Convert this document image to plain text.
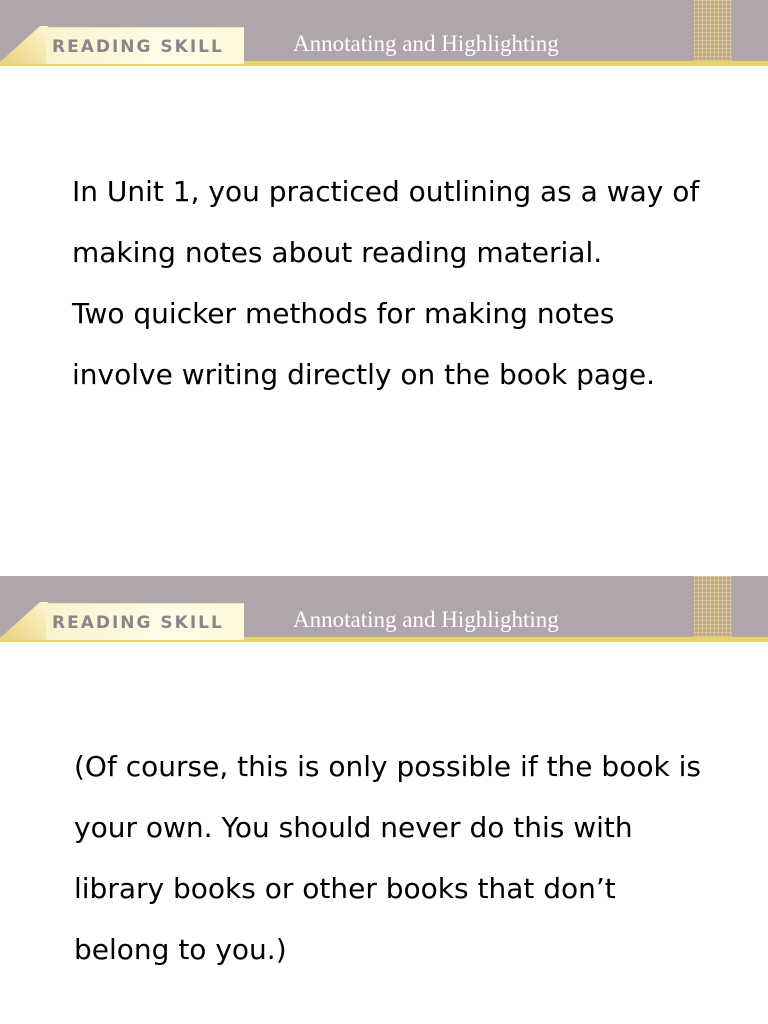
READING SKILL	Annotating and Highlighting

In Unit 1, you practiced outlining as a way of
making notes about reading material.
Two quicker methods for making notes
involve writing directly on the book page.

READING SKILL	Annotating and Highlighting

(Of course, this is only possible if the book is
your own. You should never do this with
library books or other books that don’t
belong to you.)
